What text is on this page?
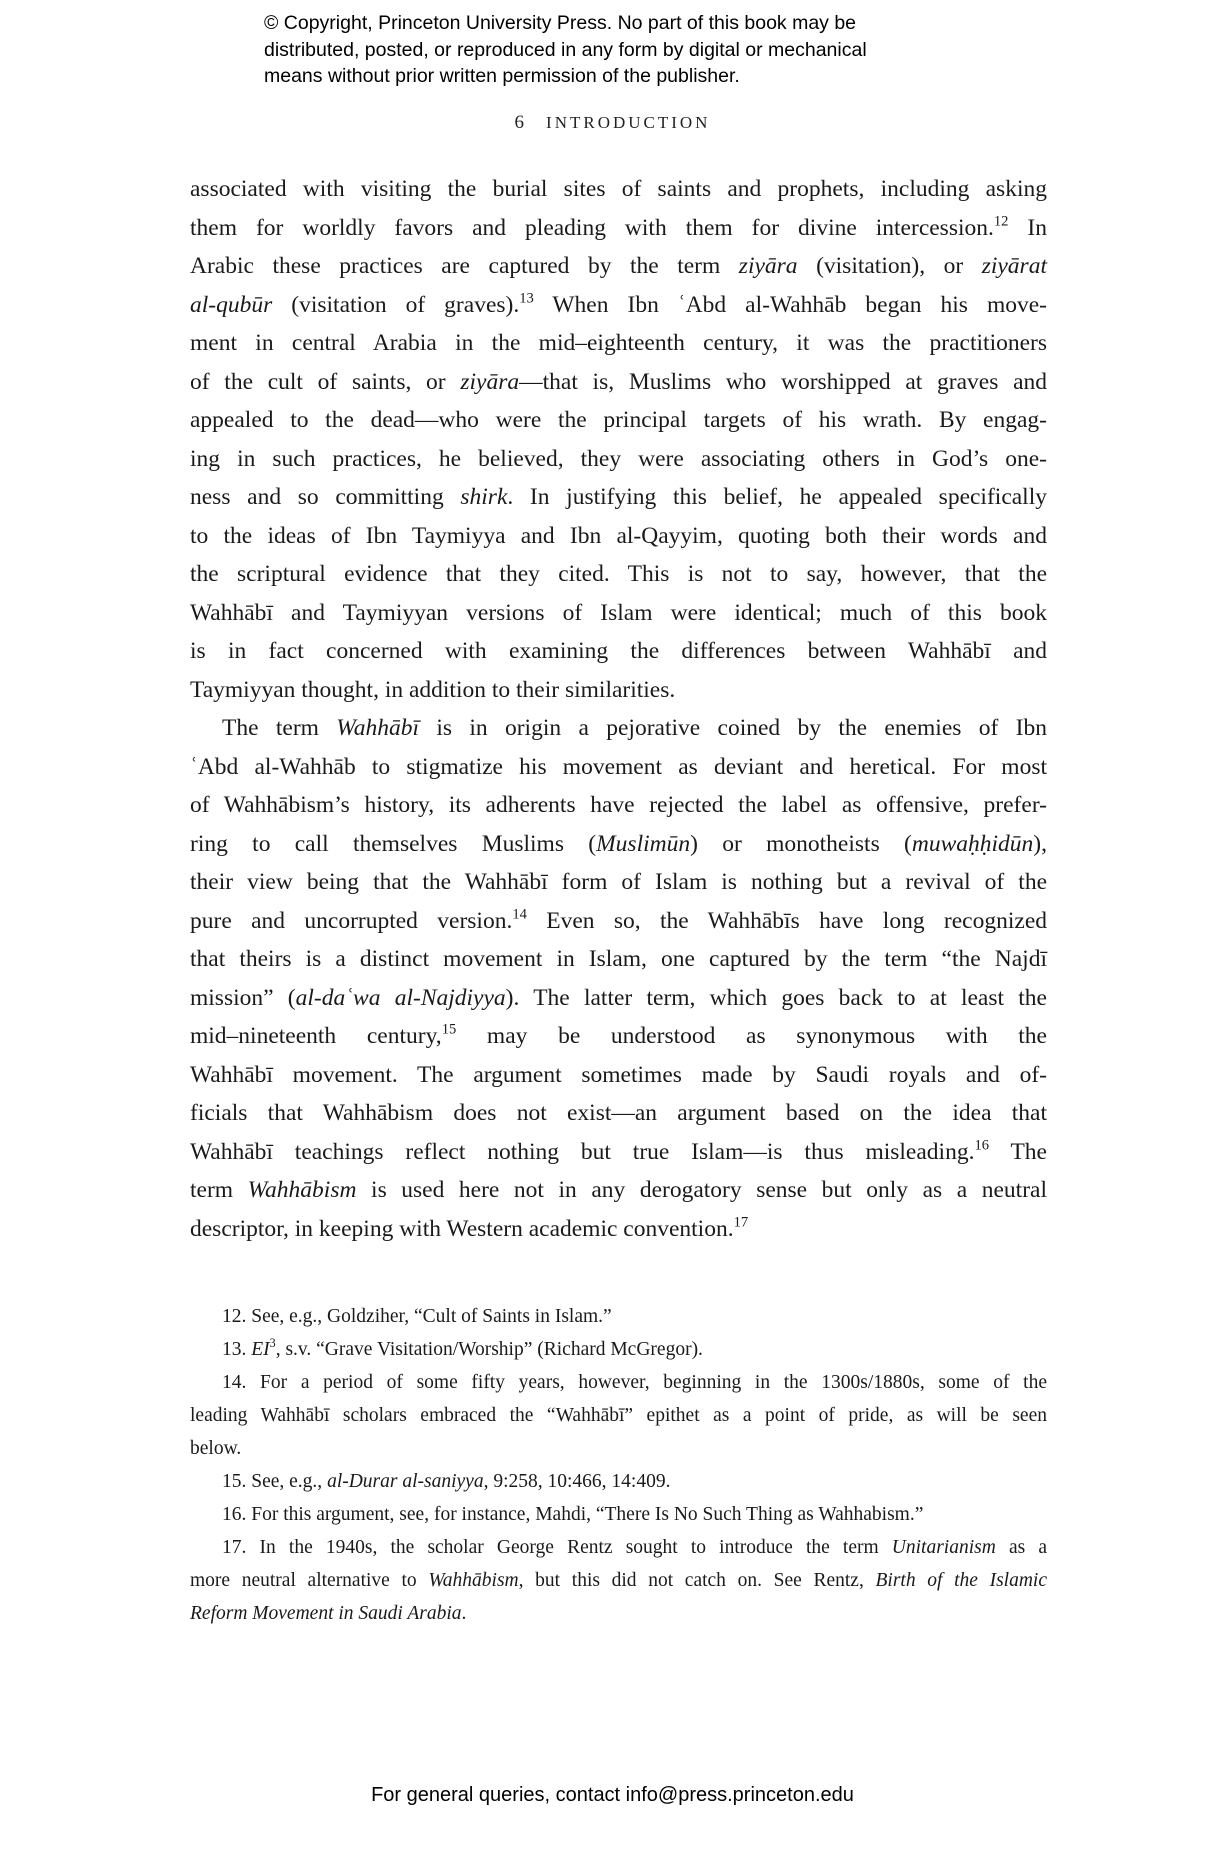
© Copyright, Princeton University Press. No part of this book may be
distributed, posted, or reproduced in any form by digital or mechanical
means without prior written permission of the publisher.
6 INTRODUCTION
associated with visiting the burial sites of saints and prophets, including asking
them for worldly favors and pleading with them for divine intercession.$^{12}$ In
Arabic these practices are captured by the term ziyāra (visitation), or ziyārat
al-qubūr (visitation of graves).$^{13}$ When Ibn ʿAbd al-Wahhāb began his move-
ment in central Arabia in the mid–eighteenth century, it was the practitioners
of the cult of saints, or ziyāra—that is, Muslims who worshipped at graves and
appealed to the dead—who were the principal targets of his wrath. By engag-
ing in such practices, he believed, they were associating others in God’s one-
ness and so committing shirk. In justifying this belief, he appealed specifically
to the ideas of Ibn Taymiyya and Ibn al-Qayyim, quoting both their words and
the scriptural evidence that they cited. This is not to say, however, that the
Wahhābī and Taymiyyan versions of Islam were identical; much of this book
is in fact concerned with examining the differences between Wahhābī and
Taymiyyan thought, in addition to their similarities.
The term Wahhābī is in origin a pejorative coined by the enemies of Ibn
ʿAbd al-Wahhāb to stigmatize his movement as deviant and heretical. For most
of Wahhābism’s history, its adherents have rejected the label as offensive, prefer-
ring to call themselves Muslims (Muslimūn) or monotheists (muwaḥḥidūn),
their view being that the Wahhābī form of Islam is nothing but a revival of the
pure and uncorrupted version.$^{14}$ Even so, the Wahhābīs have long recognized
that theirs is a distinct movement in Islam, one captured by the term “the Najdī
mission” (al-daʿwa al-Najdiyya). The latter term, which goes back to at least the
mid–nineteenth century,$^{15}$ may be understood as synonymous with the
Wahhābī movement. The argument sometimes made by Saudi royals and of-
ficials that Wahhābism does not exist—an argument based on the idea that
Wahhābī teachings reflect nothing but true Islam—is thus misleading.$^{16}$ The
term Wahhābism is used here not in any derogatory sense but only as a neutral
descriptor, in keeping with Western academic convention.$^{17}$
12. See, e.g., Goldziher, “Cult of Saints in Islam.”
13. $EI^3$, s.v. “Grave Visitation/Worship” (Richard McGregor).
14. For a period of some fifty years, however, beginning in the 1300s/1880s, some of the
leading Wahhābī scholars embraced the “Wahhābī” epithet as a point of pride, as will be seen
below.
15. See, e.g., al-Durar al-saniyya, 9:258, 10:466, 14:409.
16. For this argument, see, for instance, Mahdi, “There Is No Such Thing as Wahhabism.”
17. In the 1940s, the scholar George Rentz sought to introduce the term Unitarianism as a
more neutral alternative to Wahhābism, but this did not catch on. See Rentz, Birth of the Islamic
Reform Movement in Saudi Arabia.
For general queries, contact info@press.princeton.edu
